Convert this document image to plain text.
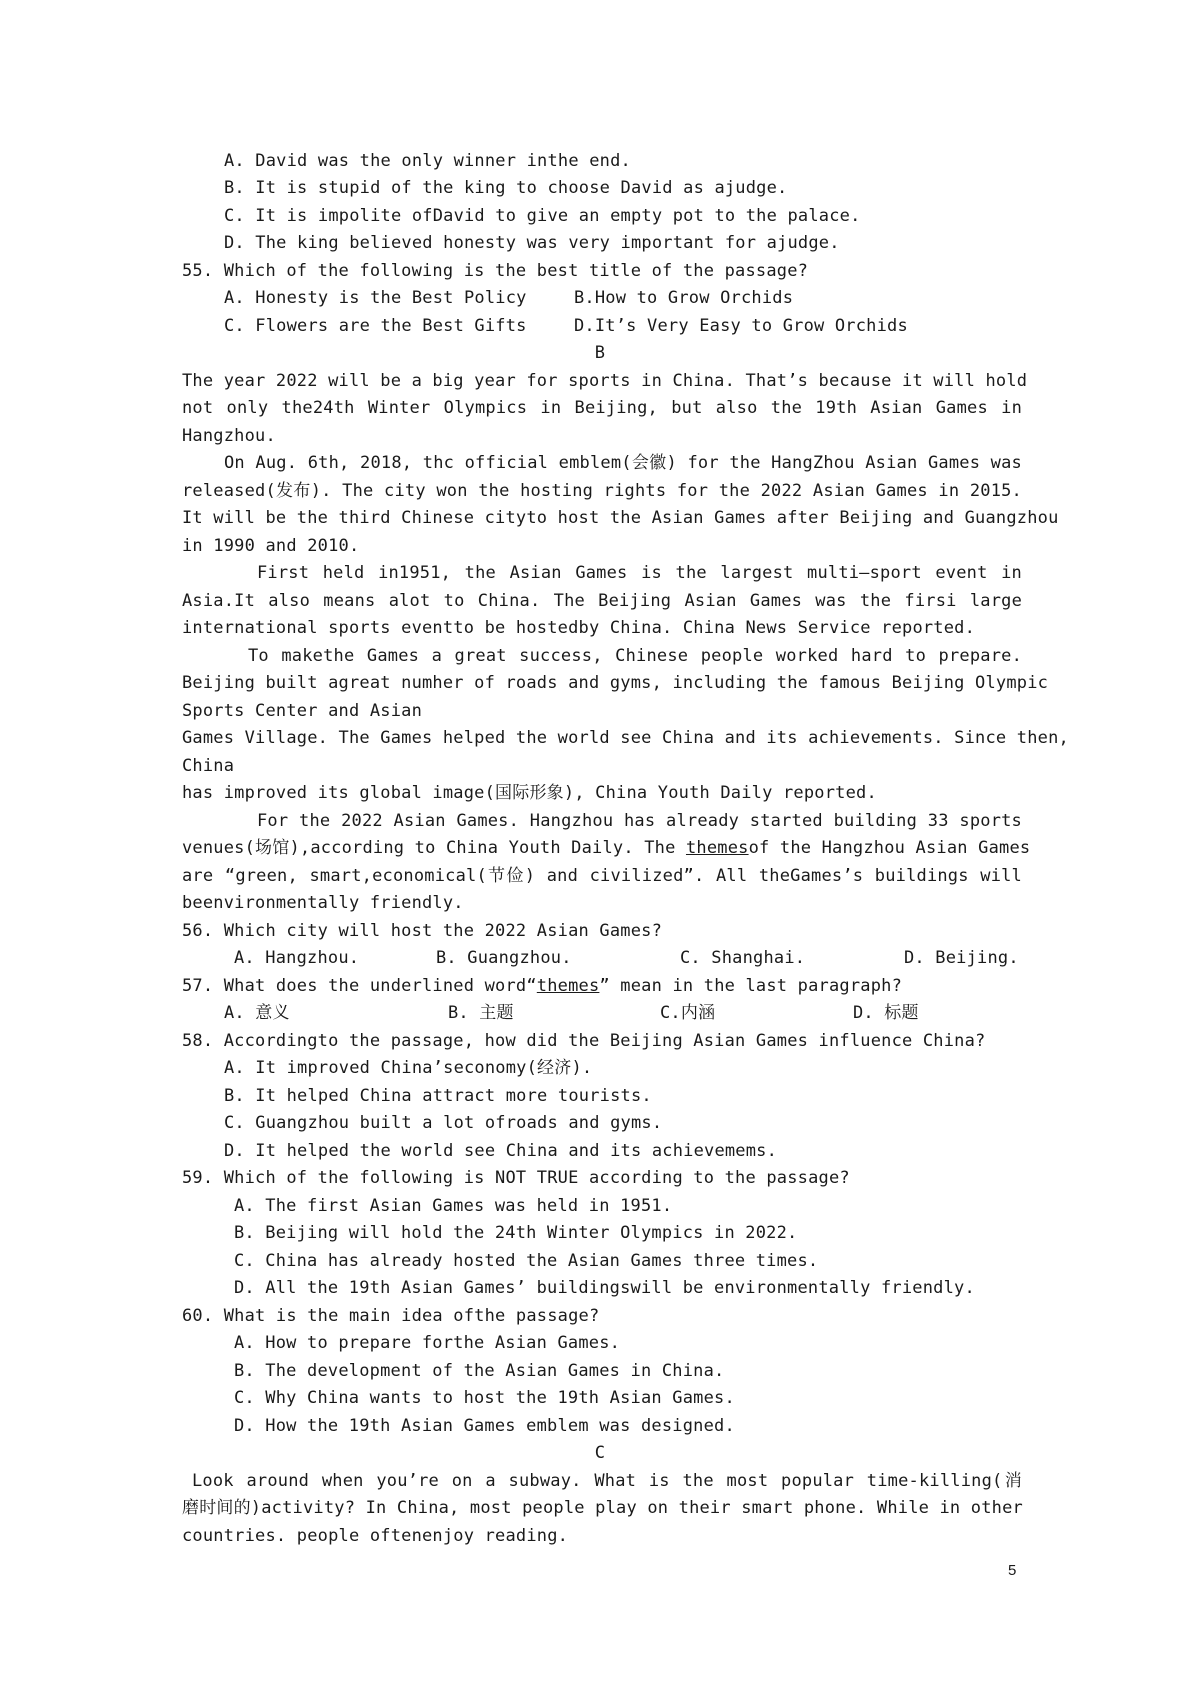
A. David was the only winner inthe end.
B. It is stupid of the king to choose David as ajudge.
C. It is impolite ofDavid to give an empty pot to the palace.
D. The king believed honesty was very important for ajudge.
55. Which of the following is the best title of the passage?
A. Honesty is the Best Policy	B.How to Grow Orchids
C. Flowers are the Best Gifts	D.It’s Very Easy to Grow Orchids
B
The year 2022 will be a big year for sports in China. That’s because it will hold
not only the24th Winter Olympics in Beijing, but also the 19th Asian Games in
Hangzhou.
On Aug. 6th, 2018, thc official emblem(会徽) for the HangZhou Asian Games was
released(发布). The city won the hosting rights for the 2022 Asian Games in 2015.
It will be the third Chinese cityto host the Asian Games after Beijing and Guangzhou
in 1990 and 2010.
First held in1951, the Asian Games is the largest multi—sport event in
Asia.It also means alot to China. The Beijing Asian Games was the firsi large
international sports eventto be hostedby China. China News Service reported.
To makethe Games a great success, Chinese people worked hard to prepare.
Beijing built agreat numher of roads and gyms, including the famous Beijing Olympic
Sports Center and Asian
Games Village. The Games helped the world see China and its achievements. Since then,
China
has improved its global image(国际形象), China Youth Daily reported.
For the 2022 Asian Games. Hangzhou has already started building 33 sports
venues(场馆),according to China Youth Daily. The themesof the Hangzhou Asian Games
are “green, smart,economical(节俭) and civilized”. All theGames’s buildings will
beenvironmentally friendly.
56. Which city will host the 2022 Asian Games?
A. Hangzhou.	B. Guangzhou.	C. Shanghai.	D. Beijing.
57. What does the underlined word“themes” mean in the last paragraph?
A. 意义	B. 主题	C.内涵	D. 标题
58. Accordingto the passage, how did the Beijing Asian Games influence China?
A. It improved China’seconomy(经济).
B. It helped China attract more tourists.
C. Guangzhou built a lot ofroads and gyms.
D. It helped the world see China and its achievemems.
59. Which of the following is NOT TRUE according to the passage?
A. The first Asian Games was held in 1951.
B. Beijing will hold the 24th Winter Olympics in 2022.
C. China has already hosted the Asian Games three times.
D. All the 19th Asian Games’ buildingswill be environmentally friendly.
60. What is the main idea ofthe passage?
A. How to prepare forthe Asian Games.
B. The development of the Asian Games in China.
C. Why China wants to host the 19th Asian Games.
D. How the 19th Asian Games emblem was designed.
C
Look around when you’re on a subway. What is the most popular time-killing(消
磨时间的)activity? In China, most people play on their smart phone. While in other
countries. people oftenenjoy reading.
5
